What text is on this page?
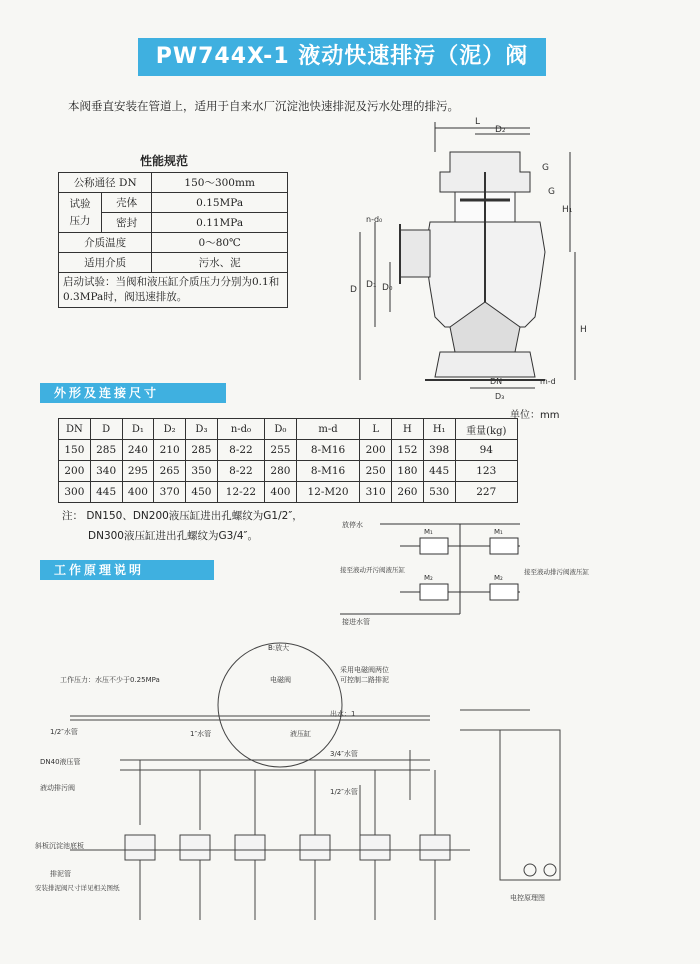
PW744X-1 液动快速排污（泥）阀
本阀垂直安装在管道上，适用于自来水厂沉淀池快速排泥及污水处理的排污。
性能规范
公称通径 DN		150～300mm
试验
压力	壳体	0.15MPa
	密封	0.11MPa
介质温度		0～80℃
适用介质		污水、泥
启动试验：当阀和液压缸介质压力分别为0.1和0.3MPa时，阀迅速排放。		
L
D₂
G
G
H₁
n-d₀
D D₁ D₀
H
DN	m-d
D₃
外形及连接尺寸
单位：mm
DN	D	D₁	D₂	D₃	n-d₀	D₀	m-d	L	H	H₁	重量(kg)
150	285	240	210	285	8-22	255	8-M16	200	152	398	94
200	340	295	265	350	8-22	280	8-M16	250	180	445	123
300	445	400	370	450	12-22	400	12-M20	310	260	530	227
注： DN150、DN200液压缸进出孔螺纹为G1/2″，
DN300液压缸进出孔螺纹为G3/4″。
放停水
M₁
M₂
M₁
M₂
接至液动开污阀液压缸	接至液动排污阀液压缸
接进水管
工作原理说明
工作压力：水压不少于0.25MPa	电磁阀
1/2″水管	液压缸
出水：1
1″水管
DN40液压管
3/4″水管
1/2″水管
液动排污阀
斜板沉淀池底板
排泥管
安装排泥阀尺寸详见相关图纸
采用电磁阀两位
可控制二路排泥
B:放大
电控原理图
